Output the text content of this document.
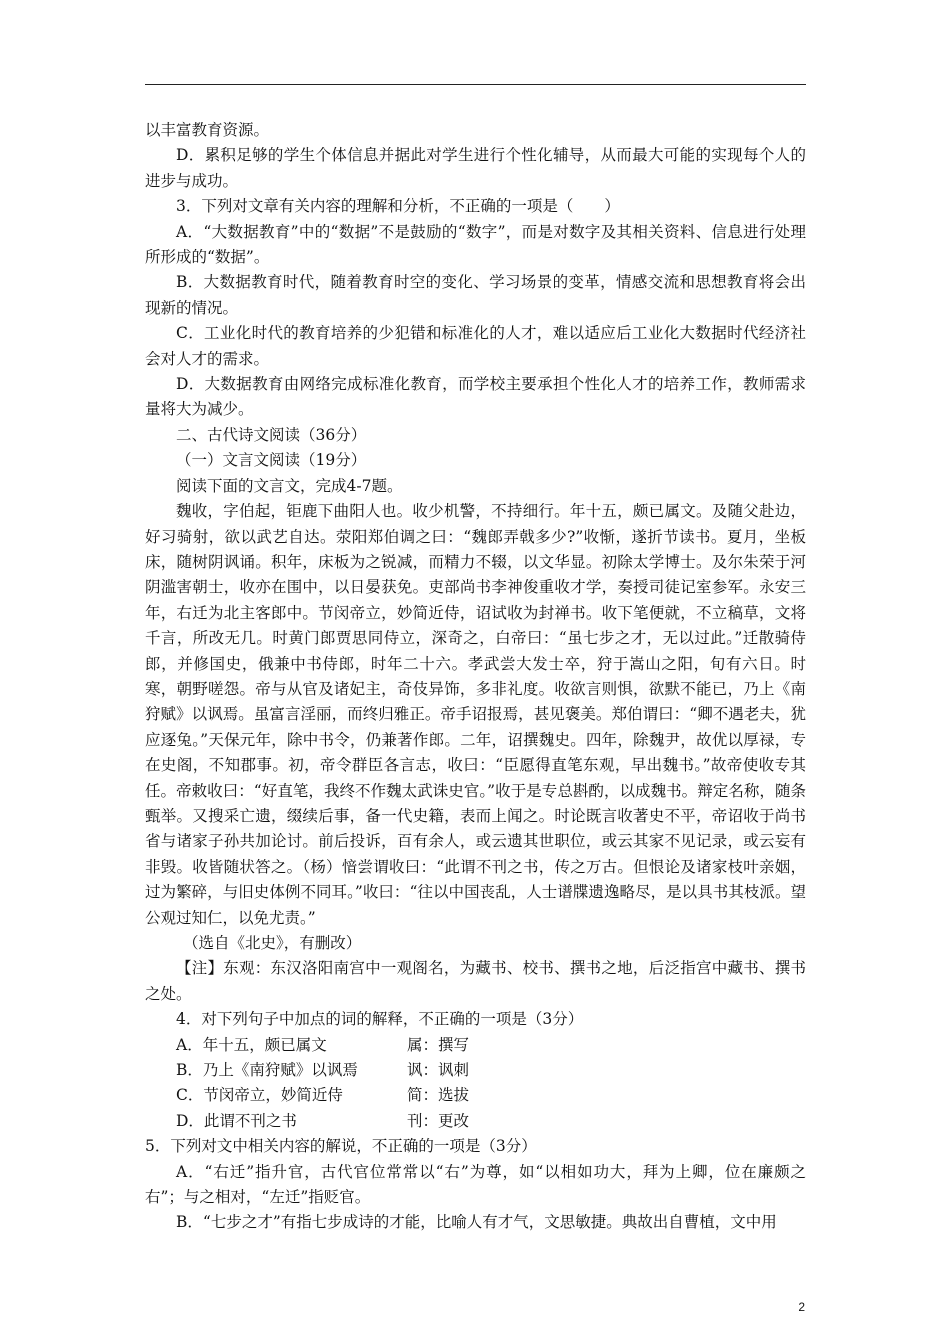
以丰富教育资源。

D．累积足够的学生个体信息并据此对学生进行个性化辅导，从而最大可能的实现每个人的进步与成功。

3．下列对文章有关内容的理解和分析，不正确的一项是（　　）

A．“大数据教育”中的“数据”不是鼓励的“数字”，而是对数字及其相关资料、信息进行处理所形成的“数据”。

B．大数据教育时代，随着教育时空的变化、学习场景的变革，情感交流和思想教育将会出现新的情况。

C．工业化时代的教育培养的少犯错和标准化的人才，难以适应后工业化大数据时代经济社会对人才的需求。

D．大数据教育由网络完成标准化教育，而学校主要承担个性化人才的培养工作，教师需求量将大为减少。

二、古代诗文阅读（36分）

（一）文言文阅读（19分）

阅读下面的文言文，完成4-7题。

魏收，字伯起，钜鹿下曲阳人也。收少机警，不持细行。年十五，颇已属文。及随父赴边，好习骑射，欲以武艺自达。荥阳郑伯调之曰：“魏郎弄戟多少?”收惭，遂折节读书。夏月，坐板床，随树阴讽诵。积年，床板为之锐减，而精力不辍，以文华显。初除太学博士。及尔朱荣于河阴滥害朝士，收亦在围中，以日晏获免。吏部尚书李神俊重收才学，奏授司徒记室参军。永安三年，右迁为北主客郎中。节闵帝立，妙简近侍，诏试收为封禅书。收下笔便就，不立稿草，文将千言，所改无几。时黄门郎贾思同侍立，深奇之，白帝曰：“虽七步之才，无以过此。”迁散骑侍郎，并修国史，俄兼中书侍郎，时年二十六。孝武尝大发士卒，狩于嵩山之阳，旬有六日。时寒，朝野嗟怨。帝与从官及诸妃主，奇伎异饰，多非礼度。收欲言则惧，欲默不能已，乃上《南狩赋》以讽焉。虽富言淫丽，而终归雅正。帝手诏报焉，甚见褒美。郑伯谓曰：“卿不遇老夫，犹应逐兔。”天保元年，除中书令，仍兼著作郎。二年，诏撰魏史。四年，除魏尹，故优以厚禄，专在史阁，不知郡事。初，帝令群臣各言志，收曰：“臣愿得直笔东观，早出魏书。”故帝使收专其任。帝敕收曰：“好直笔，我终不作魏太武诛史官。”收于是专总斟酌，以成魏书。辩定名称，随条甄举。又搜采亡遗，缀续后事，备一代史籍，表而上闻之。时论既言收著史不平，帝诏收于尚书省与诸家子孙共加论讨。前后投诉，百有余人，或云遗其世职位，或云其家不见记录，或云妄有非毁。收皆随状答之。（杨）愔尝谓收曰：“此谓不刊之书，传之万古。但恨论及诸家枝叶亲姻，过为繁碎，与旧史体例不同耳。”收曰：“往以中国丧乱，人士谱牒遗逸略尽，是以具书其枝派。望公观过知仁，以免尤责。”

（选自《北史》，有删改）

【注】东观：东汉洛阳南宫中一观阁名，为藏书、校书、撰书之地，后泛指宫中藏书、撰书之处。

4．对下列句子中加点的词的解释，不正确的一项是（3分）

A．年十五，颇已属文	属：撰写
B．乃上《南狩赋》以讽焉	讽：讽刺
C．节闵帝立，妙简近侍	简：选拔
D．此谓不刊之书	刊：更改

5．下列对文中相关内容的解说，不正确的一项是（3分）

A．“右迁”指升官，古代官位常常以“右”为尊，如“以相如功大，拜为上卿，位在廉颇之右”；与之相对，“左迁”指贬官。

B．“七步之才”有指七步成诗的才能，比喻人有才气，文思敏捷。典故出自曹植，文中用

2
